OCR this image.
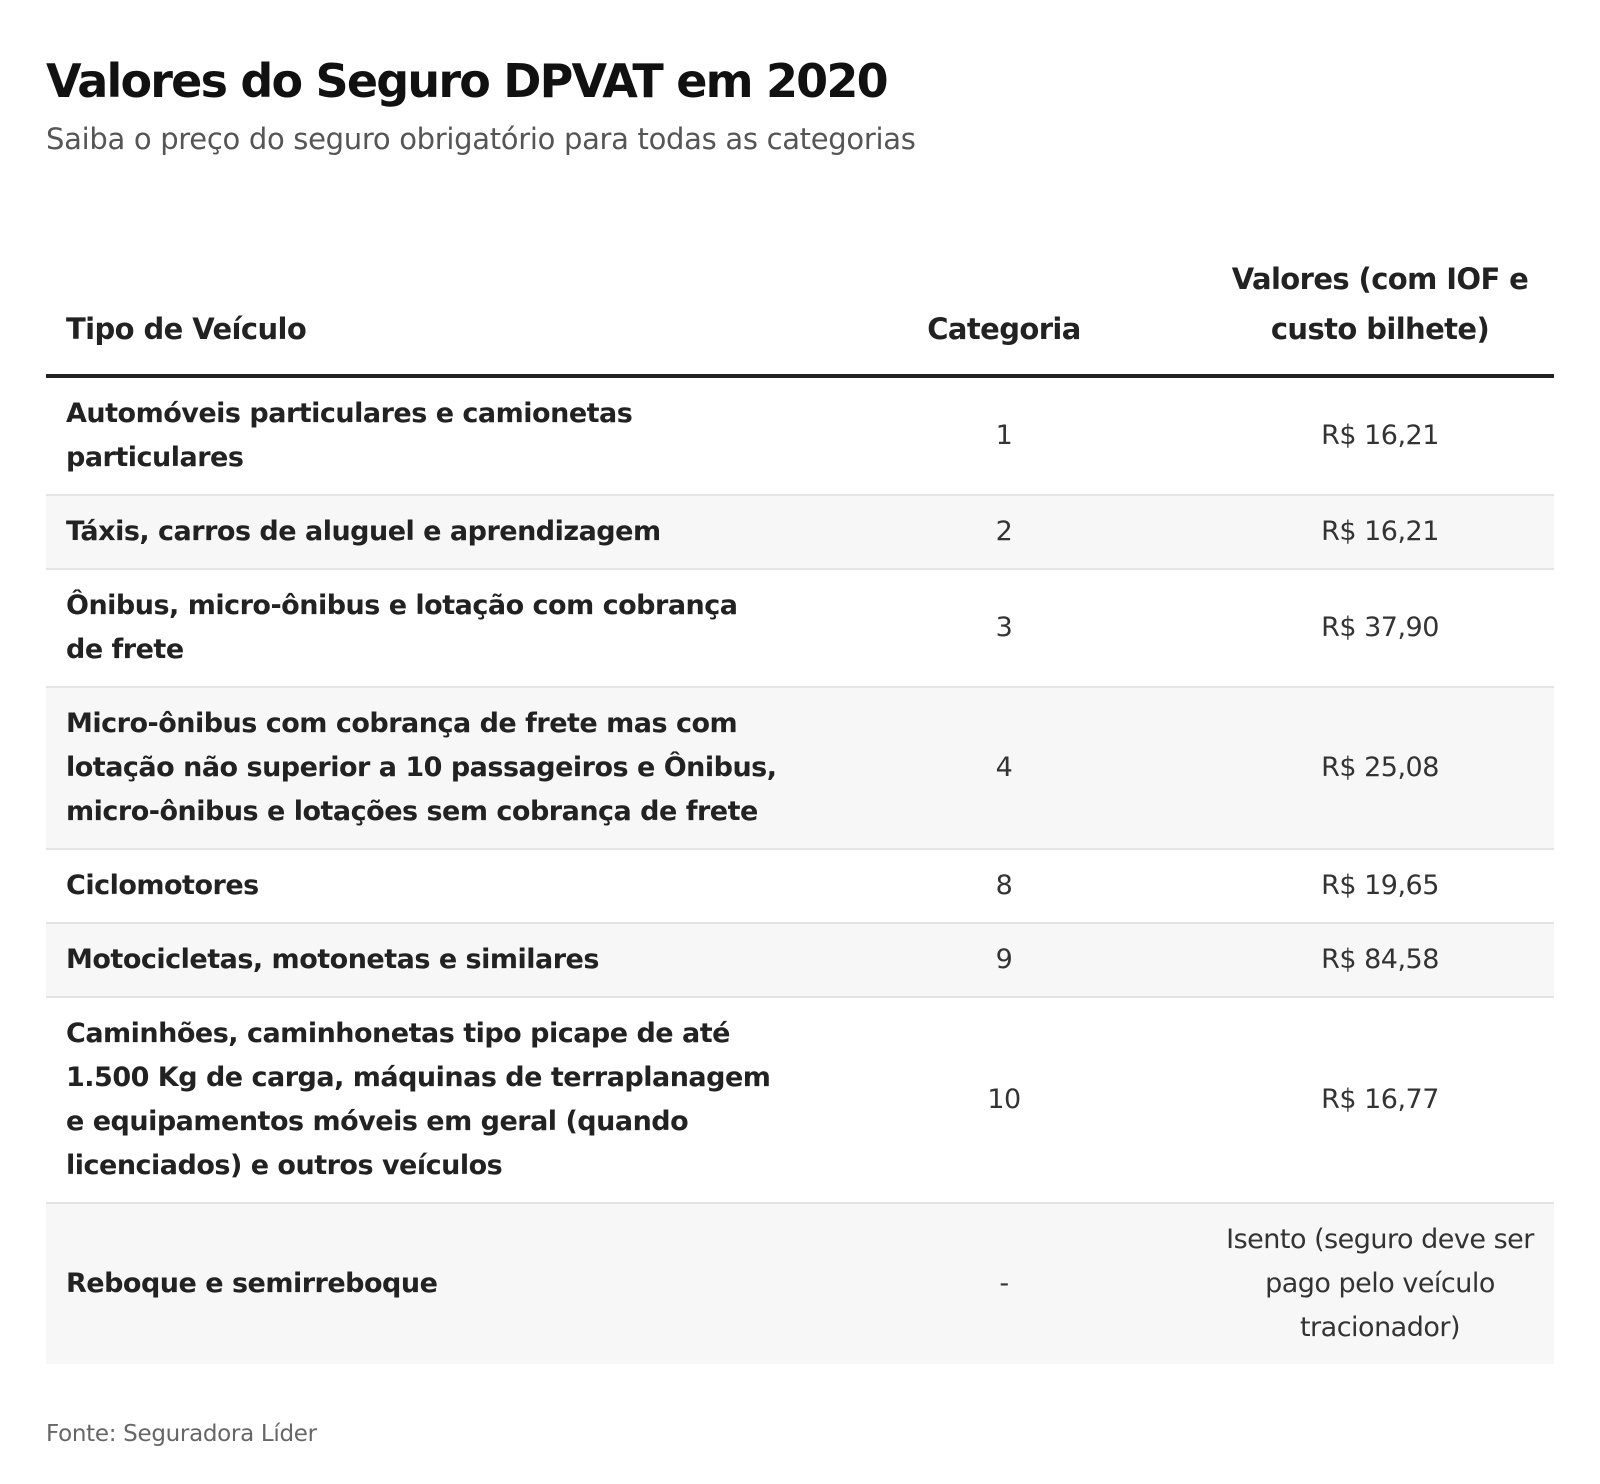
Valores do Seguro DPVAT em 2020

Saiba o preço do seguro obrigatório para todas as categorias

Tipo de Veículo	Categoria	Valores (com IOF e custo bilhete)
Automóveis particulares e camionetas particulares	1	R$ 16,21
Táxis, carros de aluguel e aprendizagem	2	R$ 16,21
Ônibus, micro-ônibus e lotação com cobrança de frete	3	R$ 37,90
Micro-ônibus com cobrança de frete mas com lotação não superior a 10 passageiros e Ônibus, micro-ônibus e lotações sem cobrança de frete	4	R$ 25,08
Ciclomotores	8	R$ 19,65
Motocicletas, motonetas e similares	9	R$ 84,58
Caminhões, caminhonetas tipo picape de até 1.500 Kg de carga, máquinas de terraplanagem e equipamentos móveis em geral (quando licenciados) e outros veículos	10	R$ 16,77
Reboque e semirreboque	-	Isento (seguro deve ser pago pelo veículo tracionador)

Fonte: Seguradora Líder
